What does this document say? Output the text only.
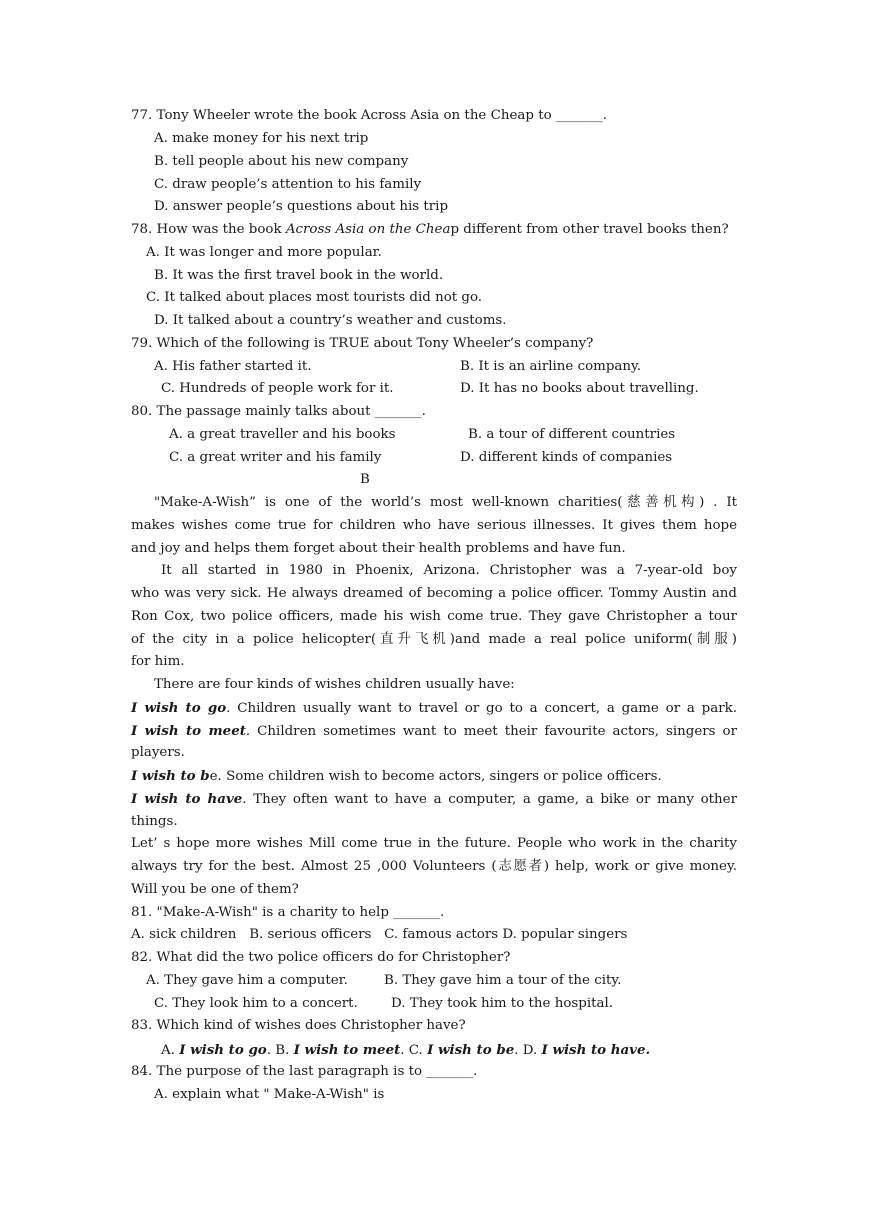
77. Tony Wheeler wrote the book Across Asia on the Cheap to _______.
A. make money for his next trip
B. tell people about his new company
C. draw people’s attention to his family
D. answer people’s questions about his trip
78. How was the book Across Asia on the Cheap different from other travel books then?
A. It was longer and more popular.
B. It was the first travel book in the world.
C. It talked about places most tourists did not go.
D. It talked about a country’s weather and customs.
79. Which of the following is TRUE about Tony Wheeler’s company?
A. His father started it.	B. It is an airline company.
C. Hundreds of people work for it.	D. It has no books about travelling.
80. The passage mainly talks about _______.
A. a great traveller and his books	B. a tour of different countries
C. a great writer and his family	D. different kinds of companies
B
"Make-A-Wish” is one of the world’s most well-known charities(慈善机构) . It
makes wishes come true for children who have serious illnesses. It gives them hope
and joy and helps them forget about their health problems and have fun.
It all started in 1980 in Phoenix, Arizona. Christopher was a 7-year-old boy
who was very sick. He always dreamed of becoming a police officer. Tommy Austin and
Ron Cox, two police officers, made his wish come true. They gave Christopher a tour
of the city in a police helicopter(直升飞机)and made a real police uniform(制服)
for him.
There are four kinds of wishes children usually have:
I wish to go. Children usually want to travel or go to a concert, a game or a park.
I wish to meet. Children sometimes want to meet their favourite actors, singers or
players.
I wish to be. Some children wish to become actors, singers or police officers.
I wish to have. They often want to have a computer, a game, a bike or many other
things.
Let’ s hope more wishes Mill come true in the future. People who work in the charity
always try for the best. Almost 25 ,000 Volunteers (志愿者) help, work or give money.
Will you be one of them?
81. "Make-A-Wish" is a charity to help _______.
A. sick children   B. serious officers   C. famous actors D. popular singers
82. What did the two police officers do for Christopher?
A. They gave him a computer.	B. They gave him a tour of the city.
C. They look him to a concert. D. They took him to the hospital.
83. Which kind of wishes does Christopher have?
A. I wish to go. B. I wish to meet. C. I wish to be. D. I wish to have.
84. The purpose of the last paragraph is to _______.
A. explain what " Make-A-Wish" is
